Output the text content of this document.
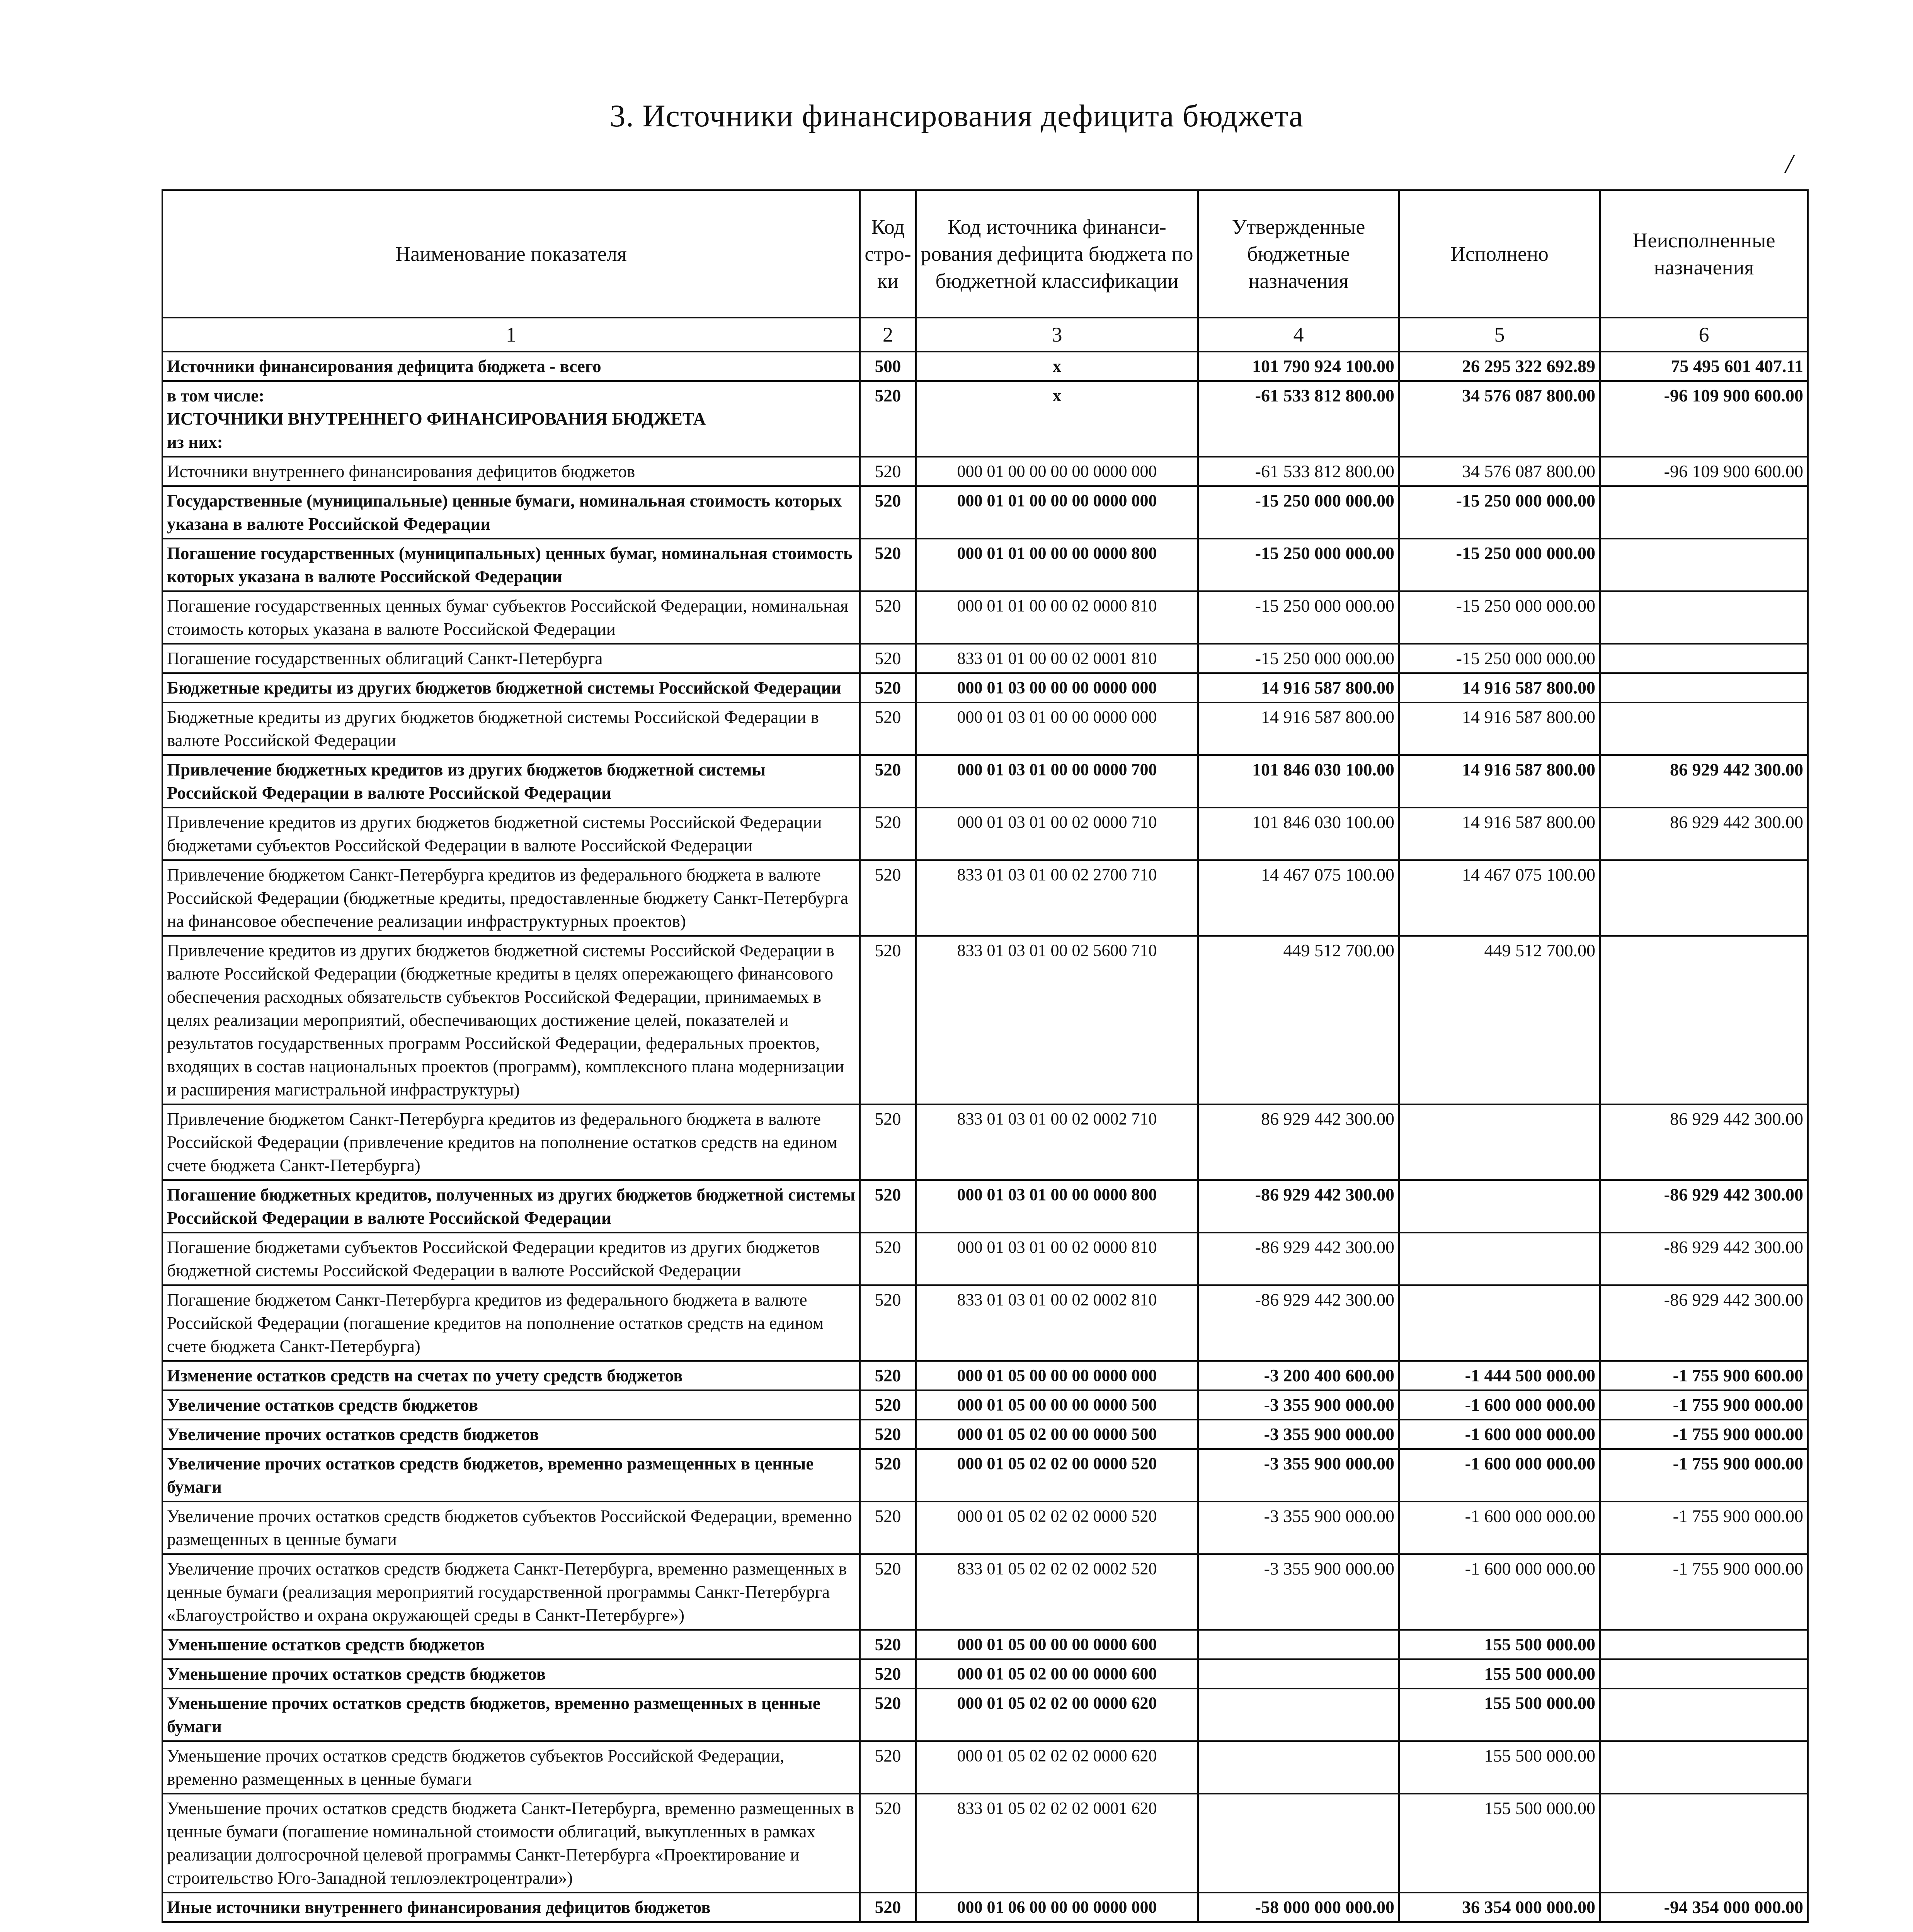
3. Источники финансирования дефицита бюджета
/
Наименование показателя	Код стро-ки	Код источника финанси-рования дефицита бюджета по бюджетной классификации	Утвержденные бюджетные назначения	Исполнено	Неисполненные назначения
1	2	3	4	5	6
Источники финансирования дефицита бюджета - всего	500	x	101 790 924 100.00	26 295 322 692.89	75 495 601 407.11
в том числе:
ИСТОЧНИКИ ВНУТРЕННЕГО ФИНАНСИРОВАНИЯ БЮДЖЕТА
из них:	520	x	-61 533 812 800.00	34 576 087 800.00	-96 109 900 600.00
Источники внутреннего финансирования дефицитов бюджетов	520	000 01 00 00 00 00 0000 000	-61 533 812 800.00	34 576 087 800.00	-96 109 900 600.00
Государственные (муниципальные) ценные бумаги, номинальная стоимость которых указана в валюте Российской Федерации	520	000 01 01 00 00 00 0000 000	-15 250 000 000.00	-15 250 000 000.00	
Погашение государственных (муниципальных) ценных бумаг, номинальная стоимость которых указана в валюте Российской Федерации	520	000 01 01 00 00 00 0000 800	-15 250 000 000.00	-15 250 000 000.00	
Погашение государственных ценных бумаг субъектов Российской Федерации, номинальная стоимость которых указана в валюте Российской Федерации	520	000 01 01 00 00 02 0000 810	-15 250 000 000.00	-15 250 000 000.00	
Погашение государственных облигаций Санкт-Петербурга	520	833 01 01 00 00 02 0001 810	-15 250 000 000.00	-15 250 000 000.00	
Бюджетные кредиты из других бюджетов бюджетной системы Российской Федерации	520	000 01 03 00 00 00 0000 000	14 916 587 800.00	14 916 587 800.00	
Бюджетные кредиты из других бюджетов бюджетной системы Российской Федерации в валюте Российской Федерации	520	000 01 03 01 00 00 0000 000	14 916 587 800.00	14 916 587 800.00	
Привлечение бюджетных кредитов из других бюджетов бюджетной системы Российской Федерации в валюте Российской Федерации	520	000 01 03 01 00 00 0000 700	101 846 030 100.00	14 916 587 800.00	86 929 442 300.00
Привлечение кредитов из других бюджетов бюджетной системы Российской Федерации бюджетами субъектов Российской Федерации в валюте Российской Федерации	520	000 01 03 01 00 02 0000 710	101 846 030 100.00	14 916 587 800.00	86 929 442 300.00
Привлечение бюджетом Санкт-Петербурга кредитов из федерального бюджета в валюте Российской Федерации (бюджетные кредиты, предоставленные бюджету Санкт-Петербурга на финансовое обеспечение реализации инфраструктурных проектов)	520	833 01 03 01 00 02 2700 710	14 467 075 100.00	14 467 075 100.00	
Привлечение кредитов из других бюджетов бюджетной системы Российской Федерации в валюте Российской Федерации (бюджетные кредиты в целях опережающего финансового обеспечения расходных обязательств субъектов Российской Федерации, принимаемых в целях реализации мероприятий, обеспечивающих достижение целей, показателей и результатов государственных программ Российской Федерации, федеральных проектов, входящих в состав национальных проектов (программ), комплексного плана модернизации и расширения магистральной инфраструктуры)	520	833 01 03 01 00 02 5600 710	449 512 700.00	449 512 700.00	
Привлечение бюджетом Санкт-Петербурга кредитов из федерального бюджета в валюте Российской Федерации (привлечение кредитов на пополнение остатков средств на едином счете бюджета Санкт-Петербурга)	520	833 01 03 01 00 02 0002 710	86 929 442 300.00		86 929 442 300.00
Погашение бюджетных кредитов, полученных из других бюджетов бюджетной системы Российской Федерации в валюте Российской Федерации	520	000 01 03 01 00 00 0000 800	-86 929 442 300.00		-86 929 442 300.00
Погашение бюджетами субъектов Российской Федерации кредитов из других бюджетов бюджетной системы Российской Федерации в валюте Российской Федерации	520	000 01 03 01 00 02 0000 810	-86 929 442 300.00		-86 929 442 300.00
Погашение бюджетом Санкт-Петербурга кредитов из федерального бюджета в валюте Российской Федерации (погашение кредитов на пополнение остатков средств на едином счете бюджета Санкт-Петербурга)	520	833 01 03 01 00 02 0002 810	-86 929 442 300.00		-86 929 442 300.00
Изменение остатков средств на счетах по учету средств бюджетов	520	000 01 05 00 00 00 0000 000	-3 200 400 600.00	-1 444 500 000.00	-1 755 900 600.00
Увеличение остатков средств бюджетов	520	000 01 05 00 00 00 0000 500	-3 355 900 000.00	-1 600 000 000.00	-1 755 900 000.00
Увеличение прочих остатков средств бюджетов	520	000 01 05 02 00 00 0000 500	-3 355 900 000.00	-1 600 000 000.00	-1 755 900 000.00
Увеличение прочих остатков средств бюджетов, временно размещенных в ценные бумаги	520	000 01 05 02 02 00 0000 520	-3 355 900 000.00	-1 600 000 000.00	-1 755 900 000.00
Увеличение прочих остатков средств бюджетов субъектов Российской Федерации, временно размещенных в ценные бумаги	520	000 01 05 02 02 02 0000 520	-3 355 900 000.00	-1 600 000 000.00	-1 755 900 000.00
Увеличение прочих остатков средств бюджета Санкт-Петербурга, временно размещенных в ценные бумаги (реализация мероприятий государственной программы Санкт-Петербурга «Благоустройство и охрана окружающей среды в Санкт-Петербурге»)	520	833 01 05 02 02 02 0002 520	-3 355 900 000.00	-1 600 000 000.00	-1 755 900 000.00
Уменьшение остатков средств бюджетов	520	000 01 05 00 00 00 0000 600		155 500 000.00	
Уменьшение прочих остатков средств бюджетов	520	000 01 05 02 00 00 0000 600		155 500 000.00	
Уменьшение прочих остатков средств бюджетов, временно размещенных в ценные бумаги	520	000 01 05 02 02 00 0000 620		155 500 000.00	
Уменьшение прочих остатков средств бюджетов субъектов Российской Федерации, временно размещенных в ценные бумаги	520	000 01 05 02 02 02 0000 620		155 500 000.00	
Уменьшение прочих остатков средств бюджета Санкт-Петербурга, временно размещенных в ценные бумаги (погашение номинальной стоимости облигаций, выкупленных в рамках реализации долгосрочной целевой программы Санкт-Петербурга «Проектирование и строительство Юго-Западной теплоэлектроцентрали»)	520	833 01 05 02 02 02 0001 620		155 500 000.00	
Иные источники внутреннего финансирования дефицитов бюджетов	520	000 01 06 00 00 00 0000 000	-58 000 000 000.00	36 354 000 000.00	-94 354 000 000.00
